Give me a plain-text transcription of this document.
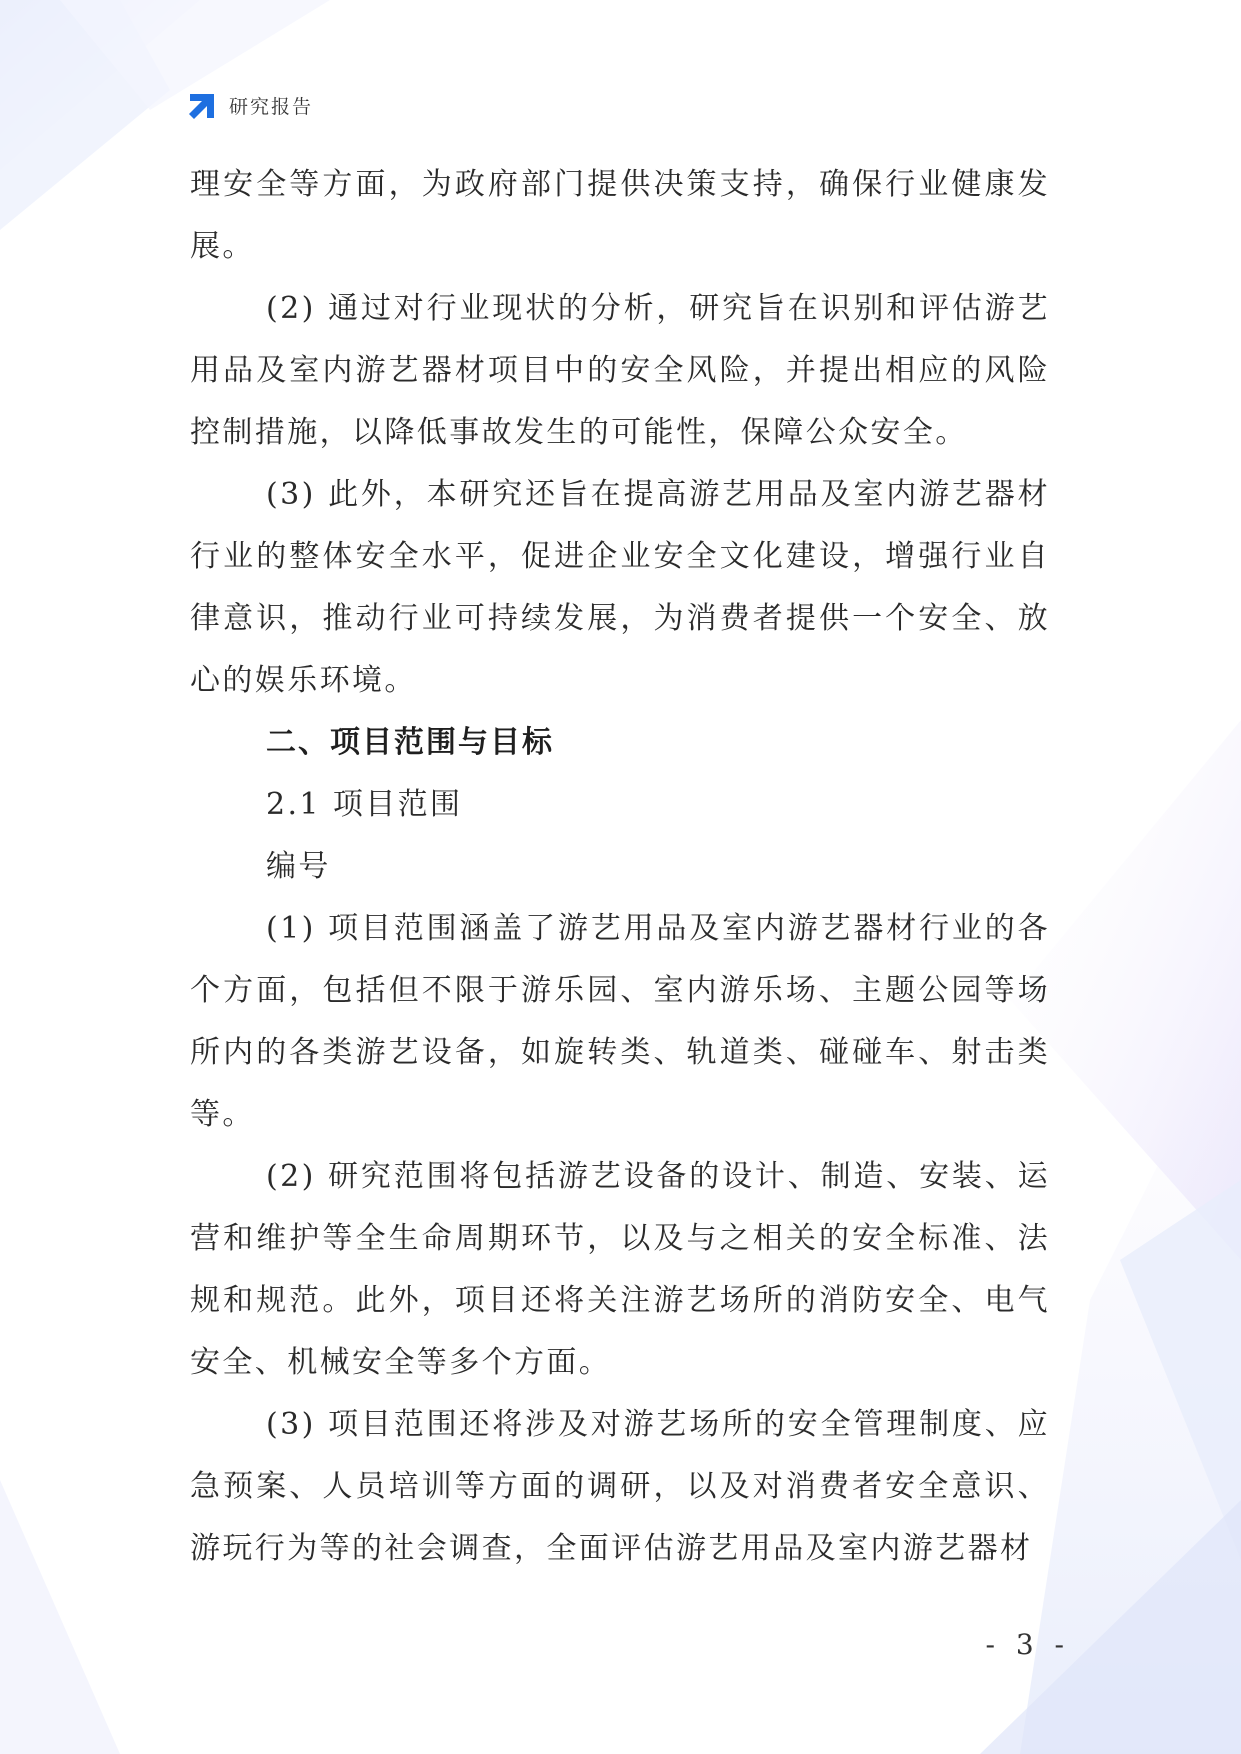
研究报告

理安全等方面，为政府部门提供决策支持，确保行业健康发展。

(2) 通过对行业现状的分析，研究旨在识别和评估游艺用品及室内游艺器材项目中的安全风险，并提出相应的风险控制措施，以降低事故发生的可能性，保障公众安全。

(3) 此外，本研究还旨在提高游艺用品及室内游艺器材行业的整体安全水平，促进企业安全文化建设，增强行业自律意识，推动行业可持续发展，为消费者提供一个安全、放心的娱乐环境。

二、项目范围与目标

2.1 项目范围

编号

(1) 项目范围涵盖了游艺用品及室内游艺器材行业的各个方面，包括但不限于游乐园、室内游乐场、主题公园等场所内的各类游艺设备，如旋转类、轨道类、碰碰车、射击类等。

(2) 研究范围将包括游艺设备的设计、制造、安装、运营和维护等全生命周期环节，以及与之相关的安全标准、法规和规范。此外，项目还将关注游艺场所的消防安全、电气安全、机械安全等多个方面。

(3) 项目范围还将涉及对游艺场所的安全管理制度、应急预案、人员培训等方面的调研，以及对消费者安全意识、游玩行为等的社会调查，全面评估游艺用品及室内游艺器材

- 3 -
